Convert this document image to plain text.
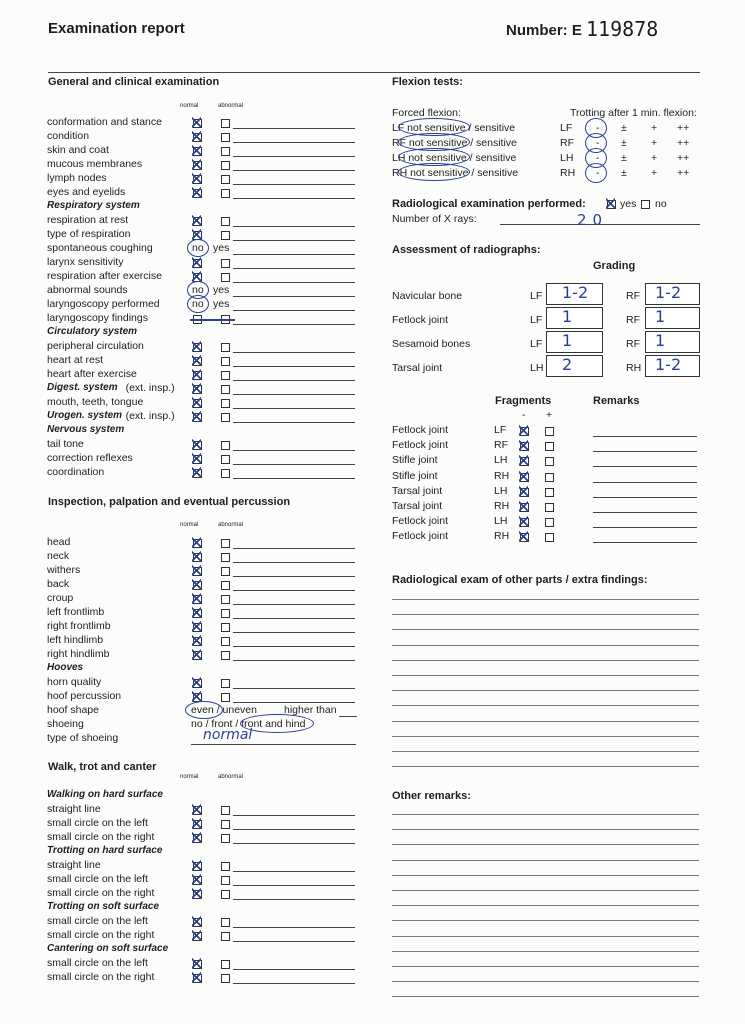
Examination report	Number: E 119878
General and clinical examination
normal	abnormal
conformation and stance
condition
skin and coat
mucous membranes
lymph nodes
eyes and eyelids
Respiratory system
respiration at rest
type of respiration
spontaneous coughing	no yes
larynx sensitivity
respiration after exercise
abnormal sounds	no yes
laryngoscopy performed	no yes
laryngoscopy findings
Circulatory system
peripheral circulation
heart at rest
heart after exercise
Digest. system (ext. insp.)
mouth, teeth, tongue
Urogen. system (ext. insp.)
Nervous system
tail tone
correction reflexes
coordination
Inspection, palpation and eventual percussion
normal	abnormal
head
neck
withers
back
croup
left frontlimb
right frontlimb
left hindlimb
right hindlimb
Hooves
horn quality
hoof percussion
hoof shape	even / uneven	higher than
shoeing	no / front / front and hind
type of shoeing	normal
Walk, trot and canter
normal	abnormal
Walking on hard surface
straight line
small circle on the left
small circle on the right
Trotting on hard surface
straight line
small circle on the left
small circle on the right
Trotting on soft surface
small circle on the left
small circle on the right
Cantering on soft surface
small circle on the left
small circle on the right
Flexion tests:
Forced flexion:	Trotting after 1 min. flexion:
LF not sensitive / sensitive	LF - ± + ++
RF not sensitive / sensitive	RF - ± + ++
LH not sensitive / sensitive	LH - ± + ++
RH not sensitive / sensitive	RH - ± + ++
Radiological examination performed:	yes no
Number of X rays:	20
Assessment of radiographs:
Grading
Navicular bone	LF 1-2	RF 1-2
Fetlock joint	LF 1	RF 1
Sesamoid bones	LF 1	RF 1
Tarsal joint	LH 2	RH 1-2
Fragments	Remarks
- +
Fetlock joint	LF
Fetlock joint	RF
Stifle joint	LH
Stifle joint	RH
Tarsal joint	LH
Tarsal joint	RH
Fetlock joint	LH
Fetlock joint	RH
Radiological exam of other parts / extra findings:
Other remarks:
